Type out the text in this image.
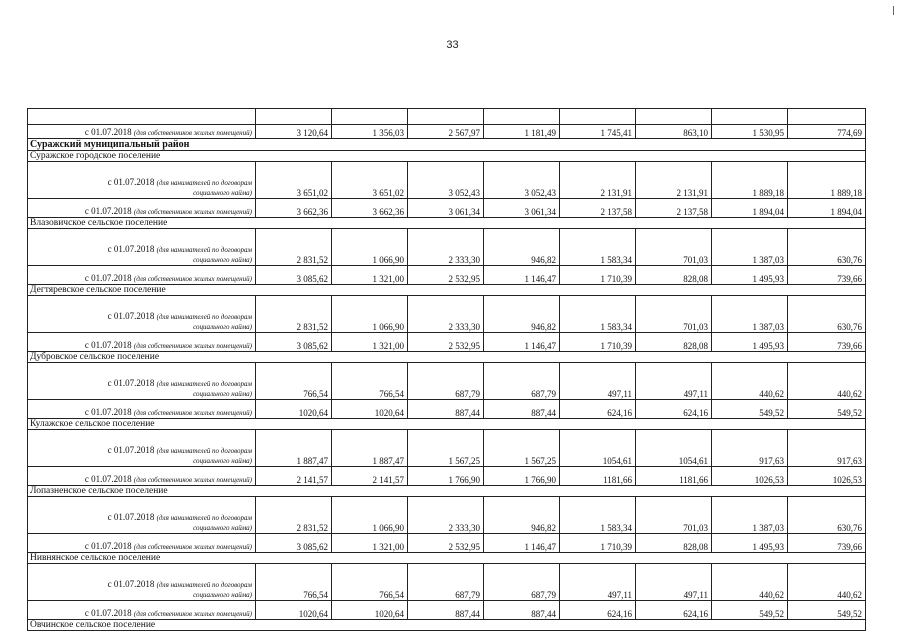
33

с 01.07.2018 (для собственников жилых помещений)	3 120,64	1 356,03	2 567,97	1 181,49	1 745,41	863,10	1 530,95	774,69
Суражский муниципальный район								
Суражское городское поселение								

с 01.07.2018 (для нанимателей по договорам
социального найма)	3 651,02	3 651,02	3 052,43	3 052,43	2 131,91	2 131,91	1 889,18	1 889,18
с 01.07.2018 (для собственников жилых помещений)	3 662,36	3 662,36	3 061,34	3 061,34	2 137,58	2 137,58	1 894,04	1 894,04
Влазовичское сельское поселение								

с 01.07.2018 (для нанимателей по договорам
социального найма)	2 831,52	1 066,90	2 333,30	946,82	1 583,34	701,03	1 387,03	630,76
с 01.07.2018 (для собственников жилых помещений)	3 085,62	1 321,00	2 532,95	1 146,47	1 710,39	828,08	1 495,93	739,66
Дегтяревское сельское поселение								

с 01.07.2018 (для нанимателей по договорам
социального найма)	2 831,52	1 066,90	2 333,30	946,82	1 583,34	701,03	1 387,03	630,76
с 01.07.2018 (для собственников жилых помещений)	3 085,62	1 321,00	2 532,95	1 146,47	1 710,39	828,08	1 495,93	739,66
Дубровское сельское поселение								

с 01.07.2018 (для нанимателей по договорам
социального найма)	766,54	766,54	687,79	687,79	497,11	497,11	440,62	440,62
с 01.07.2018 (для собственников жилых помещений)	1020,64	1020,64	887,44	887,44	624,16	624,16	549,52	549,52
Кулажское сельское поселение								

с 01.07.2018 (для нанимателей по договорам
социального найма)	1 887,47	1 887,47	1 567,25	1 567,25	1054,61	1054,61	917,63	917,63
с 01.07.2018 (для собственников жилых помещений)	2 141,57	2 141,57	1 766,90	1 766,90	1181,66	1181,66	1026,53	1026,53
Лопазненское сельское поселение								

с 01.07.2018 (для нанимателей по договорам
социального найма)	2 831,52	1 066,90	2 333,30	946,82	1 583,34	701,03	1 387,03	630,76
с 01.07.2018 (для собственников жилых помещений)	3 085,62	1 321,00	2 532,95	1 146,47	1 710,39	828,08	1 495,93	739,66
Нивнянское сельское поселение								

с 01.07.2018 (для нанимателей по договорам
социального найма)	766,54	766,54	687,79	687,79	497,11	497,11	440,62	440,62
с 01.07.2018 (для собственников жилых помещений)	1020,64	1020,64	887,44	887,44	624,16	624,16	549,52	549,52
Овчинское сельское поселение								
